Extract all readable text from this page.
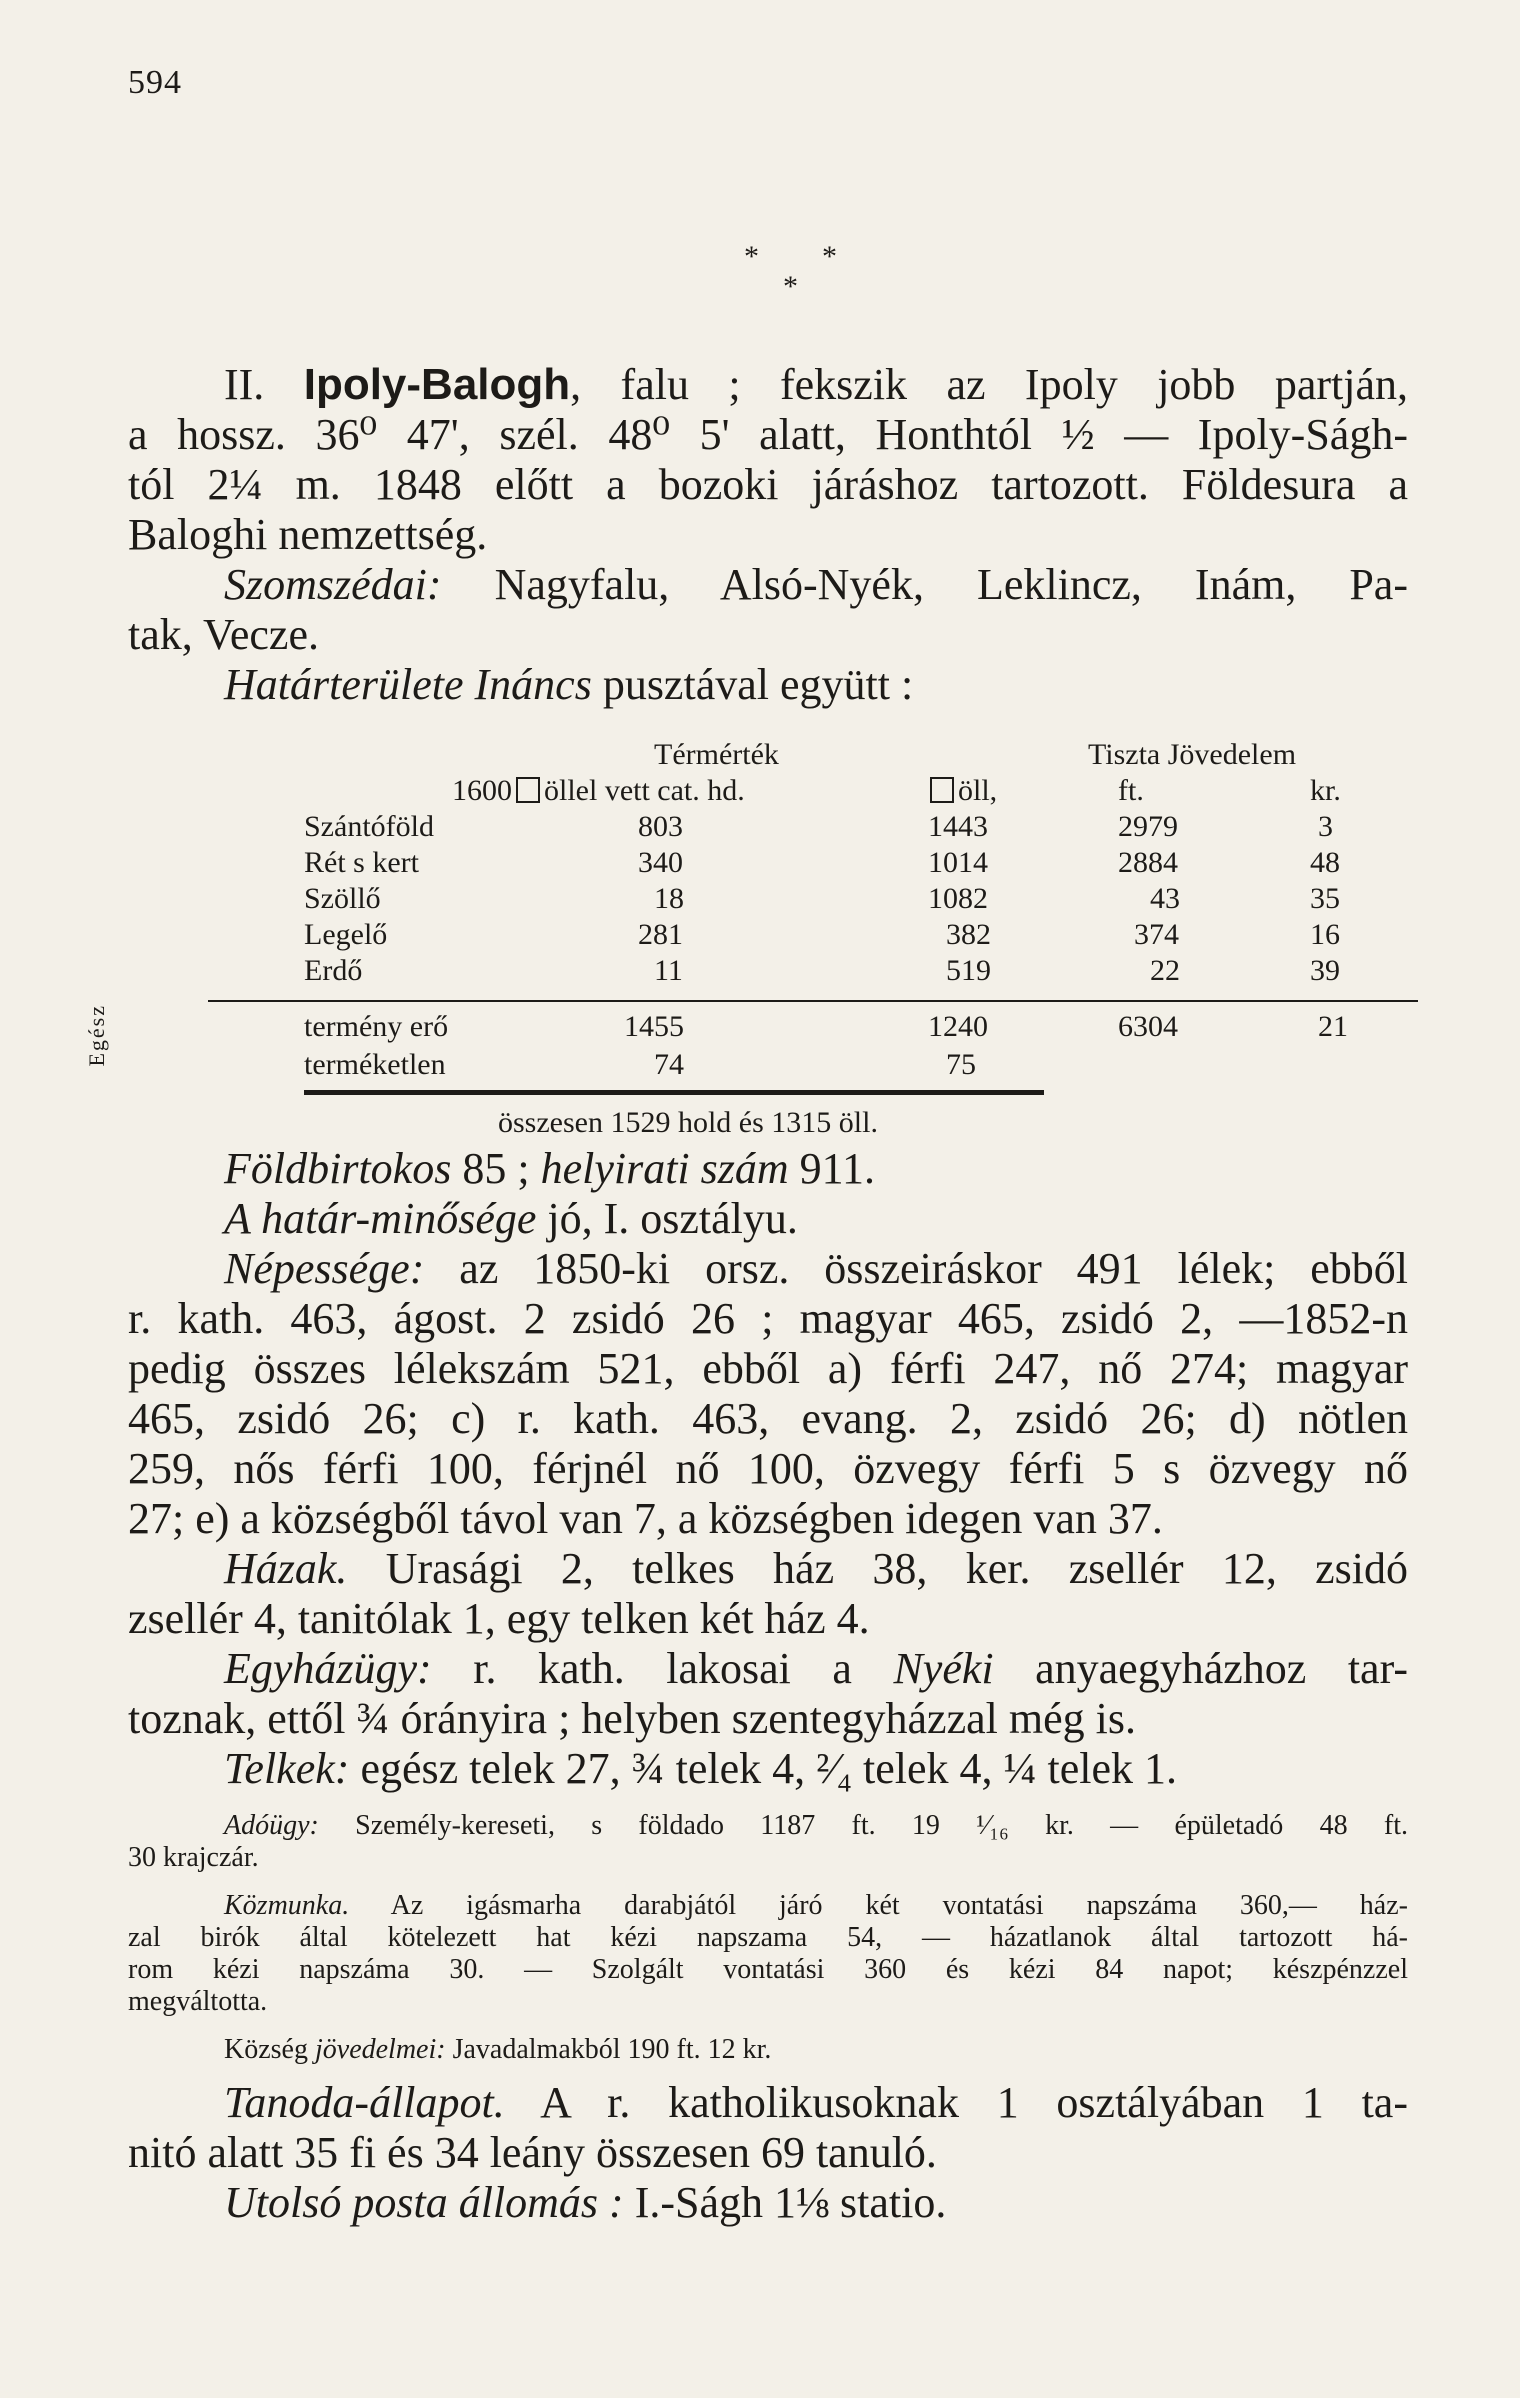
594
* *
*
II. Ipoly-Balogh, falu ; fekszik az Ipoly jobb partján,
a hossz. 36⁰ 47', szél. 48⁰ 5' alatt, Honthtól ½ — Ipoly-Ságh-
tól 2¼ m. 1848 előtt a bozoki járáshoz tartozott. Földesura a
Baloghi nemzettség.
Szomszédai: Nagyfalu, Alsó-Nyék, Leklincz, Inám, Pa-
tak, Vecze.
Határterülete Ináncs pusztával együtt :
Térmérték	Tiszta Jövedelem
1600 öllel vett cat. hd.	öll,	ft.	kr.
Szántóföld	803	1443	2979	3
Rét s kert	340	1014	2884	48
Szöllő	18	1082	43	35
Legelő	281	382	374	16
Erdő	11	519	22	39
termény erő	1455	1240	6304	21
terméketlen	74	75
összesen 1529 hold és 1315 öll.
Egész
Földbirtokos 85 ; helyirati szám 911.
A határ-minősége jó, I. osztályu.
Népessége: az 1850-ki orsz. összeiráskor 491 lélek; ebből
r. kath. 463, ágost. 2 zsidó 26 ; magyar 465, zsidó 2, —1852-n
pedig összes lélekszám 521, ebből a) férfi 247, nő 274; magyar
465, zsidó 26; c) r. kath. 463, evang. 2, zsidó 26; d) nötlen
259, nős férfi 100, férjnél nő 100, özvegy férfi 5 s özvegy nő
27; e) a községből távol van 7, a községben idegen van 37.
Házak. Urasági 2, telkes ház 38, ker. zsellér 12, zsidó
zsellér 4, tanitólak 1, egy telken két ház 4.
Egyházügy: r. kath. lakosai a Nyéki anyaegyházhoz tar-
toznak, ettől ¾ órányira ; helyben szentegyházzal még is.
Telkek: egész telek 27, ¾ telek 4, ²⁄₄ telek 4, ¼ telek 1.
Adóügy: Személy-kereseti, s földado 1187 ft. 19 ¹⁄₁₆ kr. — épületadó 48 ft.
30 krajczár.
Közmunka. Az igásmarha darabjától járó két vontatási napszáma 360,— ház-
zal birók által kötelezett hat kézi napszama 54, — házatlanok által tartozott há-
rom kézi napszáma 30. — Szolgált vontatási 360 és kézi 84 napot; készpénzzel
megváltotta.
Község jövedelmei: Javadalmakból 190 ft. 12 kr.
Tanoda-állapot. A r. katholikusoknak 1 osztályában 1 ta-
nitó alatt 35 fi és 34 leány összesen 69 tanuló.
Utolsó posta állomás : I.-Ságh 1⅛ statio.
